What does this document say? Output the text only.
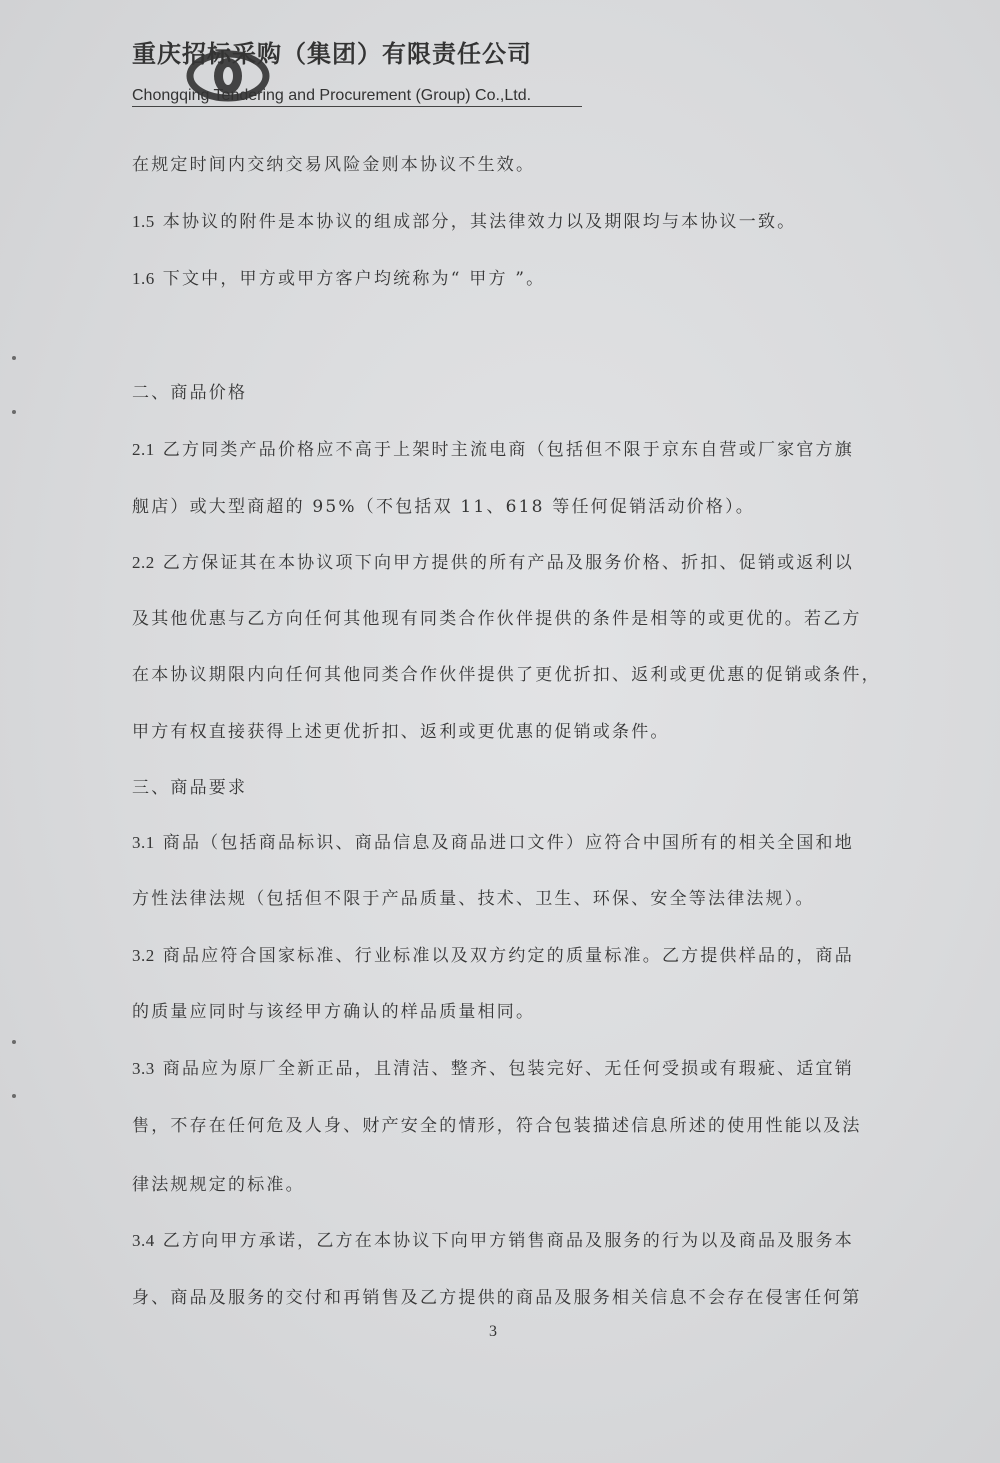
重庆招标采购（集团）有限责任公司
Chongqing Tendering and Procurement (Group) Co.,Ltd.
在规定时间内交纳交易风险金则本协议不生效。
1.5 本协议的附件是本协议的组成部分，其法律效力以及期限均与本协议一致。
1.6 下文中，甲方或甲方客户均统称为“ 甲方 ”。
二、商品价格
2.1 乙方同类产品价格应不高于上架时主流电商（包括但不限于京东自营或厂家官方旗
舰店）或大型商超的 95%（不包括双 11、618 等任何促销活动价格）。
2.2 乙方保证其在本协议项下向甲方提供的所有产品及服务价格、折扣、促销或返利以
及其他优惠与乙方向任何其他现有同类合作伙伴提供的条件是相等的或更优的。若乙方
在本协议期限内向任何其他同类合作伙伴提供了更优折扣、返利或更优惠的促销或条件，
甲方有权直接获得上述更优折扣、返利或更优惠的促销或条件。
三、商品要求
3.1 商品（包括商品标识、商品信息及商品进口文件）应符合中国所有的相关全国和地
方性法律法规（包括但不限于产品质量、技术、卫生、环保、安全等法律法规）。
3.2 商品应符合国家标准、行业标准以及双方约定的质量标准。乙方提供样品的，商品
的质量应同时与该经甲方确认的样品质量相同。
3.3 商品应为原厂全新正品，且清洁、整齐、包装完好、无任何受损或有瑕疵、适宜销
售，不存在任何危及人身、财产安全的情形，符合包装描述信息所述的使用性能以及法
律法规规定的标准。
3.4 乙方向甲方承诺，乙方在本协议下向甲方销售商品及服务的行为以及商品及服务本
身、商品及服务的交付和再销售及乙方提供的商品及服务相关信息不会存在侵害任何第
3
